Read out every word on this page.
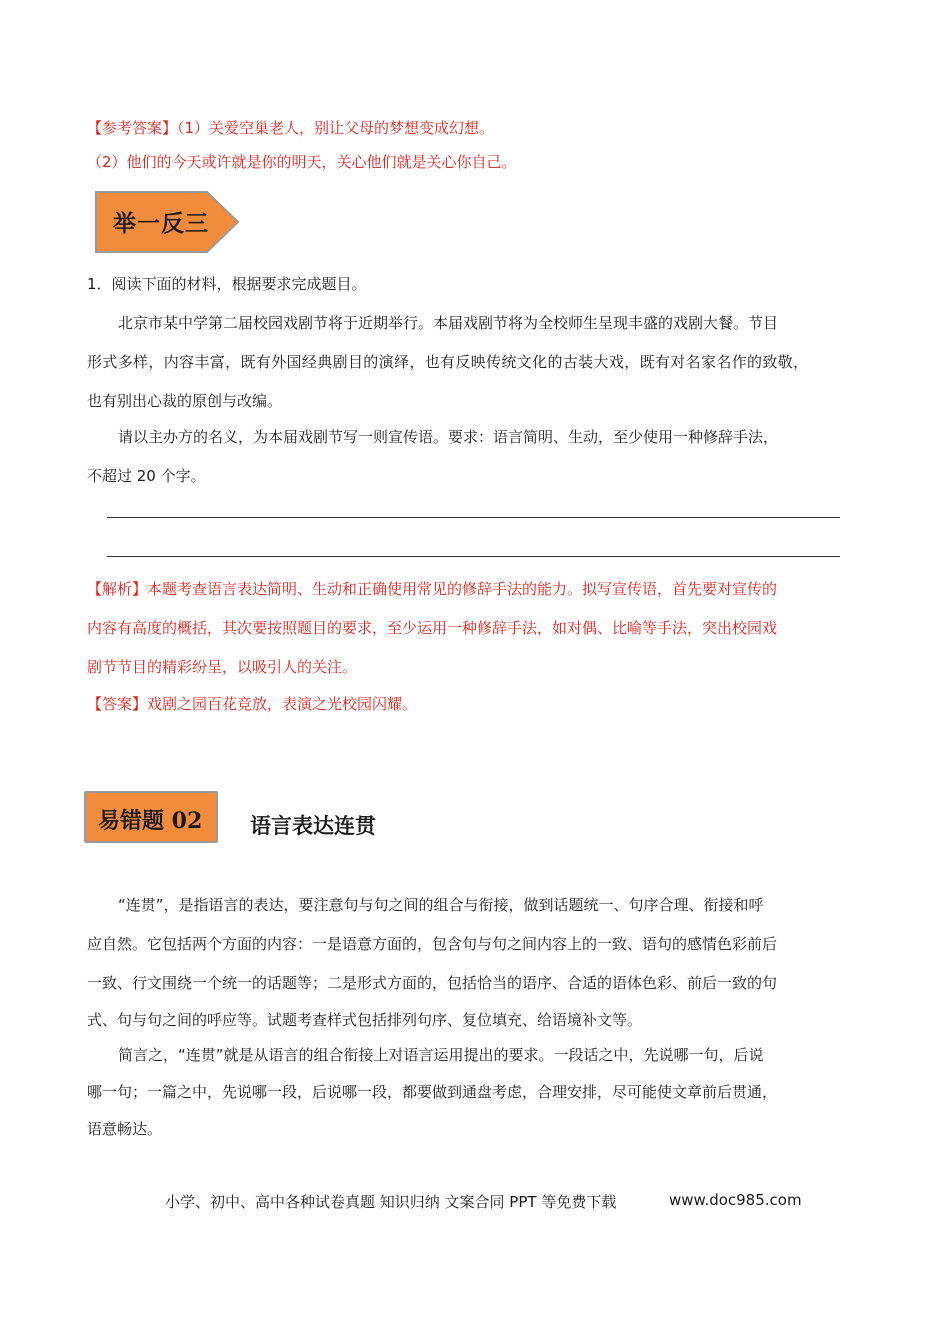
【参考答案】（1）关爱空巢老人，别让父母的梦想变成幻想。
（2）他们的今天或许就是你的明天，关心他们就是关心你自己。
举一反三
1．阅读下面的材料，根据要求完成题目。
北京市某中学第二届校园戏剧节将于近期举行。本届戏剧节将为全校师生呈现丰盛的戏剧大餐。节目
形式多样，内容丰富，既有外国经典剧目的演绎，也有反映传统文化的古装大戏，既有对名家名作的致敬，
也有别出心裁的原创与改编。
请以主办方的名义，为本届戏剧节写一则宣传语。要求：语言简明、生动，至少使用一种修辞手法，
不超过 20 个字。
【解析】本题考查语言表达简明、生动和正确使用常见的修辞手法的能力。拟写宣传语，首先要对宣传的
内容有高度的概括，其次要按照题目的要求，至少运用一种修辞手法，如对偶、比喻等手法，突出校园戏
剧节节目的精彩纷呈，以吸引人的关注。
【答案】戏剧之园百花竞放，表演之光校园闪耀。
易错题 02 语言表达连贯
“连贯”，是指语言的表达，要注意句与句之间的组合与衔接，做到话题统一、句序合理、衔接和呼
应自然。它包括两个方面的内容：一是语意方面的，包含句与句之间内容上的一致、语句的感情色彩前后
一致、行文围绕一个统一的话题等；二是形式方面的，包括恰当的语序、合适的语体色彩、前后一致的句
式、句与句之间的呼应等。试题考查样式包括排列句序、复位填充、给语境补文等。
简言之，“连贯”就是从语言的组合衔接上对语言运用提出的要求。一段话之中，先说哪一句，后说
哪一句；一篇之中，先说哪一段，后说哪一段，都要做到通盘考虑，合理安排，尽可能使文章前后贯通，
语意畅达。
小学、初中、高中各种试卷真题 知识归纳 文案合同 PPT 等免费下载	www.doc985.com
